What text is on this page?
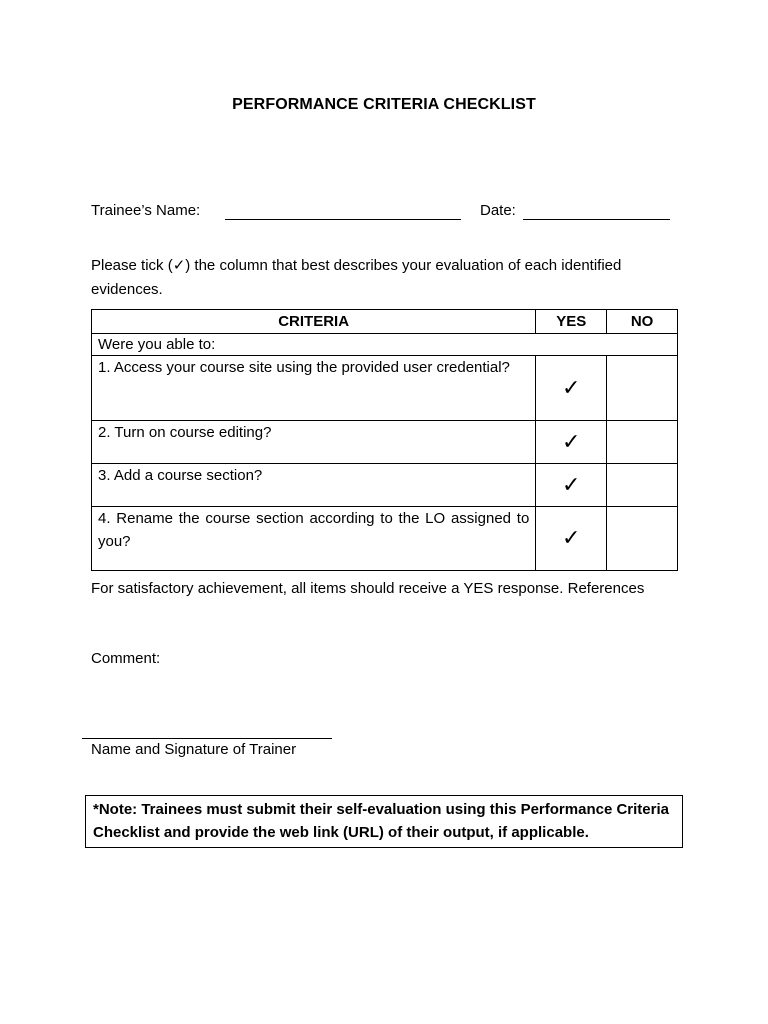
PERFORMANCE CRITERIA CHECKLIST
Trainee’s Name:	Date:
Please tick (✓) the column that best describes your evaluation of each identified evidences.
CRITERIA	YES	NO
Were you able to:		
1. Access your course site using the provided user credential?	✓	
2. Turn on course editing?	✓	
3. Add a course section?	✓	
4. Rename the course section according to the LO assigned to you?	✓	
For satisfactory achievement, all items should receive a YES response. References
Comment:
Name and Signature of Trainer
*Note: Trainees must submit their self-evaluation using this Performance Criteria Checklist and provide the web link (URL) of their output, if applicable.
